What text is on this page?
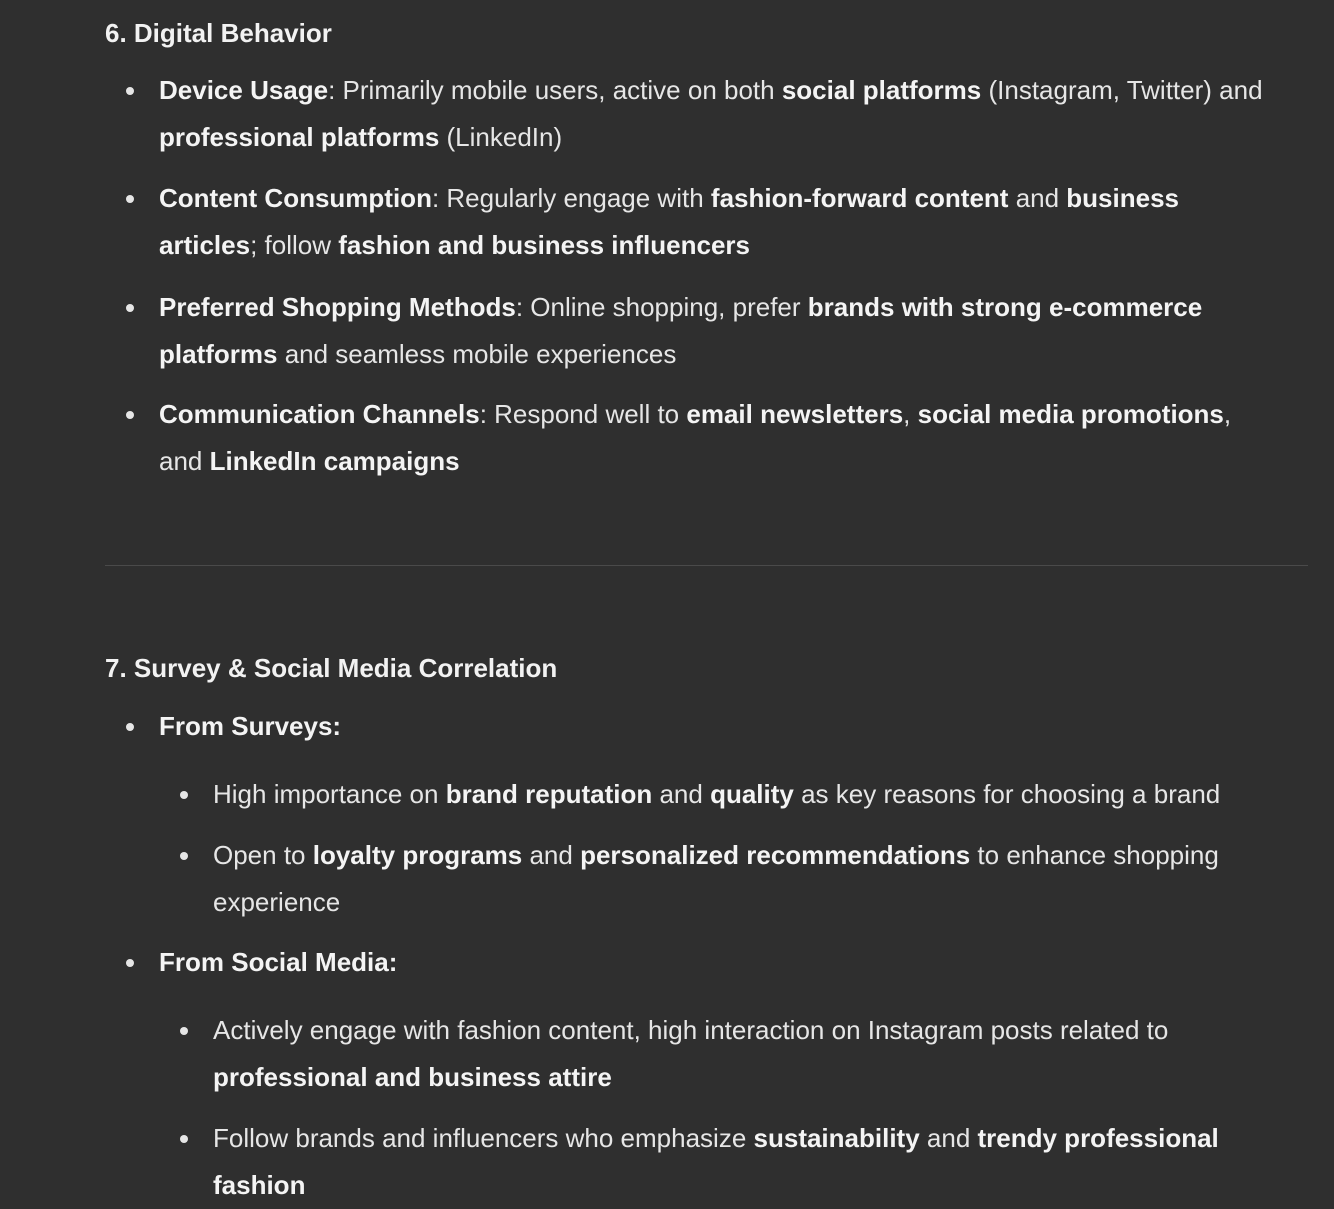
6. Digital Behavior
Device Usage: Primarily mobile users, active on both social platforms (Instagram, Twitter) and professional platforms (LinkedIn)
Content Consumption: Regularly engage with fashion-forward content and business articles; follow fashion and business influencers
Preferred Shopping Methods: Online shopping, prefer brands with strong e-commerce platforms and seamless mobile experiences
Communication Channels: Respond well to email newsletters, social media promotions, and LinkedIn campaigns
7. Survey & Social Media Correlation
From Surveys:
High importance on brand reputation and quality as key reasons for choosing a brand
Open to loyalty programs and personalized recommendations to enhance shopping experience
From Social Media:
Actively engage with fashion content, high interaction on Instagram posts related to professional and business attire
Follow brands and influencers who emphasize sustainability and trendy professional fashion
